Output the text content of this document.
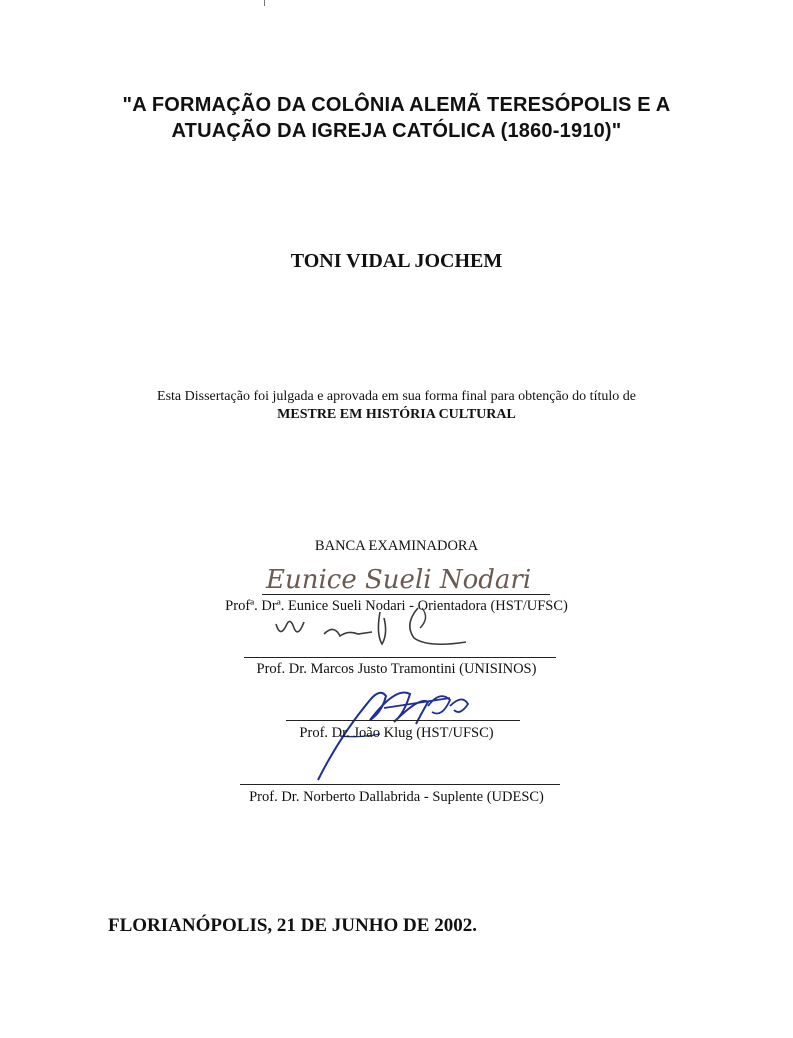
"A FORMAÇÃO DA COLÔNIA ALEMÃ TERESÓPOLIS E A
ATUAÇÃO DA IGREJA CATÓLICA (1860-1910)"
TONI VIDAL JOCHEM
Esta Dissertação foi julgada e aprovada em sua forma final para obtenção do título de
MESTRE EM HISTÓRIA CULTURAL
BANCA EXAMINADORA
Eunice Sueli Nodari
Profª. Drª. Eunice Sueli Nodari - Orientadora (HST/UFSC)
Prof. Dr. Marcos Justo Tramontini (UNISINOS)
Prof. Dr. João Klug (HST/UFSC)
Prof. Dr. Norberto Dallabrida - Suplente (UDESC)
FLORIANÓPOLIS, 21 DE JUNHO DE 2002.
